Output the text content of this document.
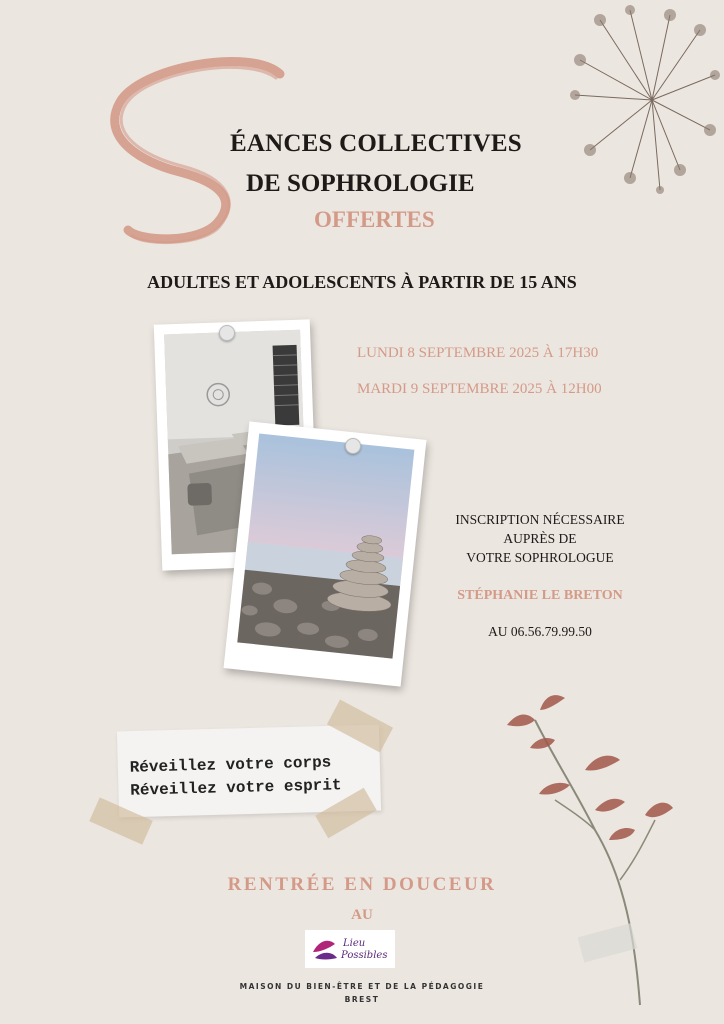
ÉANCES COLLECTIVES
DE SOPHROLOGIE
OFFERTES
ADULTES ET ADOLESCENTS À PARTIR DE 15 ANS
LUNDI 8 SEPTEMBRE 2025 À 17H30
MARDI 9 SEPTEMBRE 2025 À 12H00
INSCRIPTION NÉCESSAIRE
AUPRÈS DE
VOTRE SOPHROLOGUE
STÉPHANIE LE BRETON
AU 06.56.79.99.50
Réveillez votre corps
Réveillez votre esprit
RENTRÉE EN DOUCEUR
AU
Lieu
Possibles
MAISON DU BIEN-ÊTRE ET DE LA PÉDAGOGIE
BREST
